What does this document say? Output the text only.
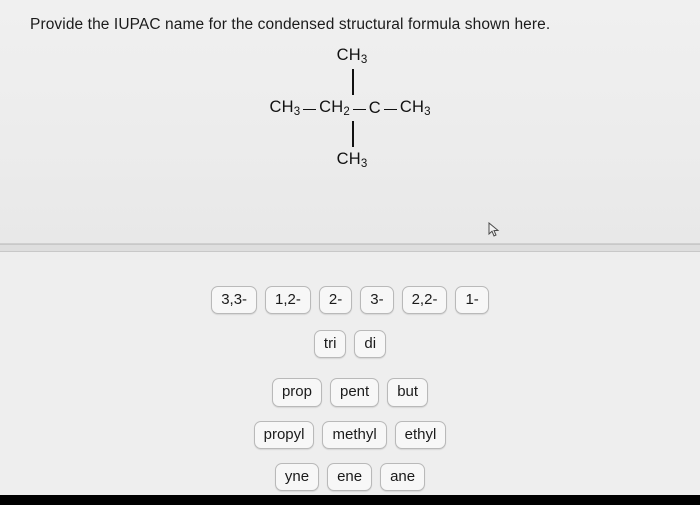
Provide the IUPAC name for the condensed structural formula shown here.
$CH_3$
$CH_3$ $CH_2$ C $CH_3$
$CH_3$
3,3-	1,2-	2-	3-	2,2-	1-
tri	di
prop	pent	but
propyl	methyl	ethyl
yne	ene	ane
